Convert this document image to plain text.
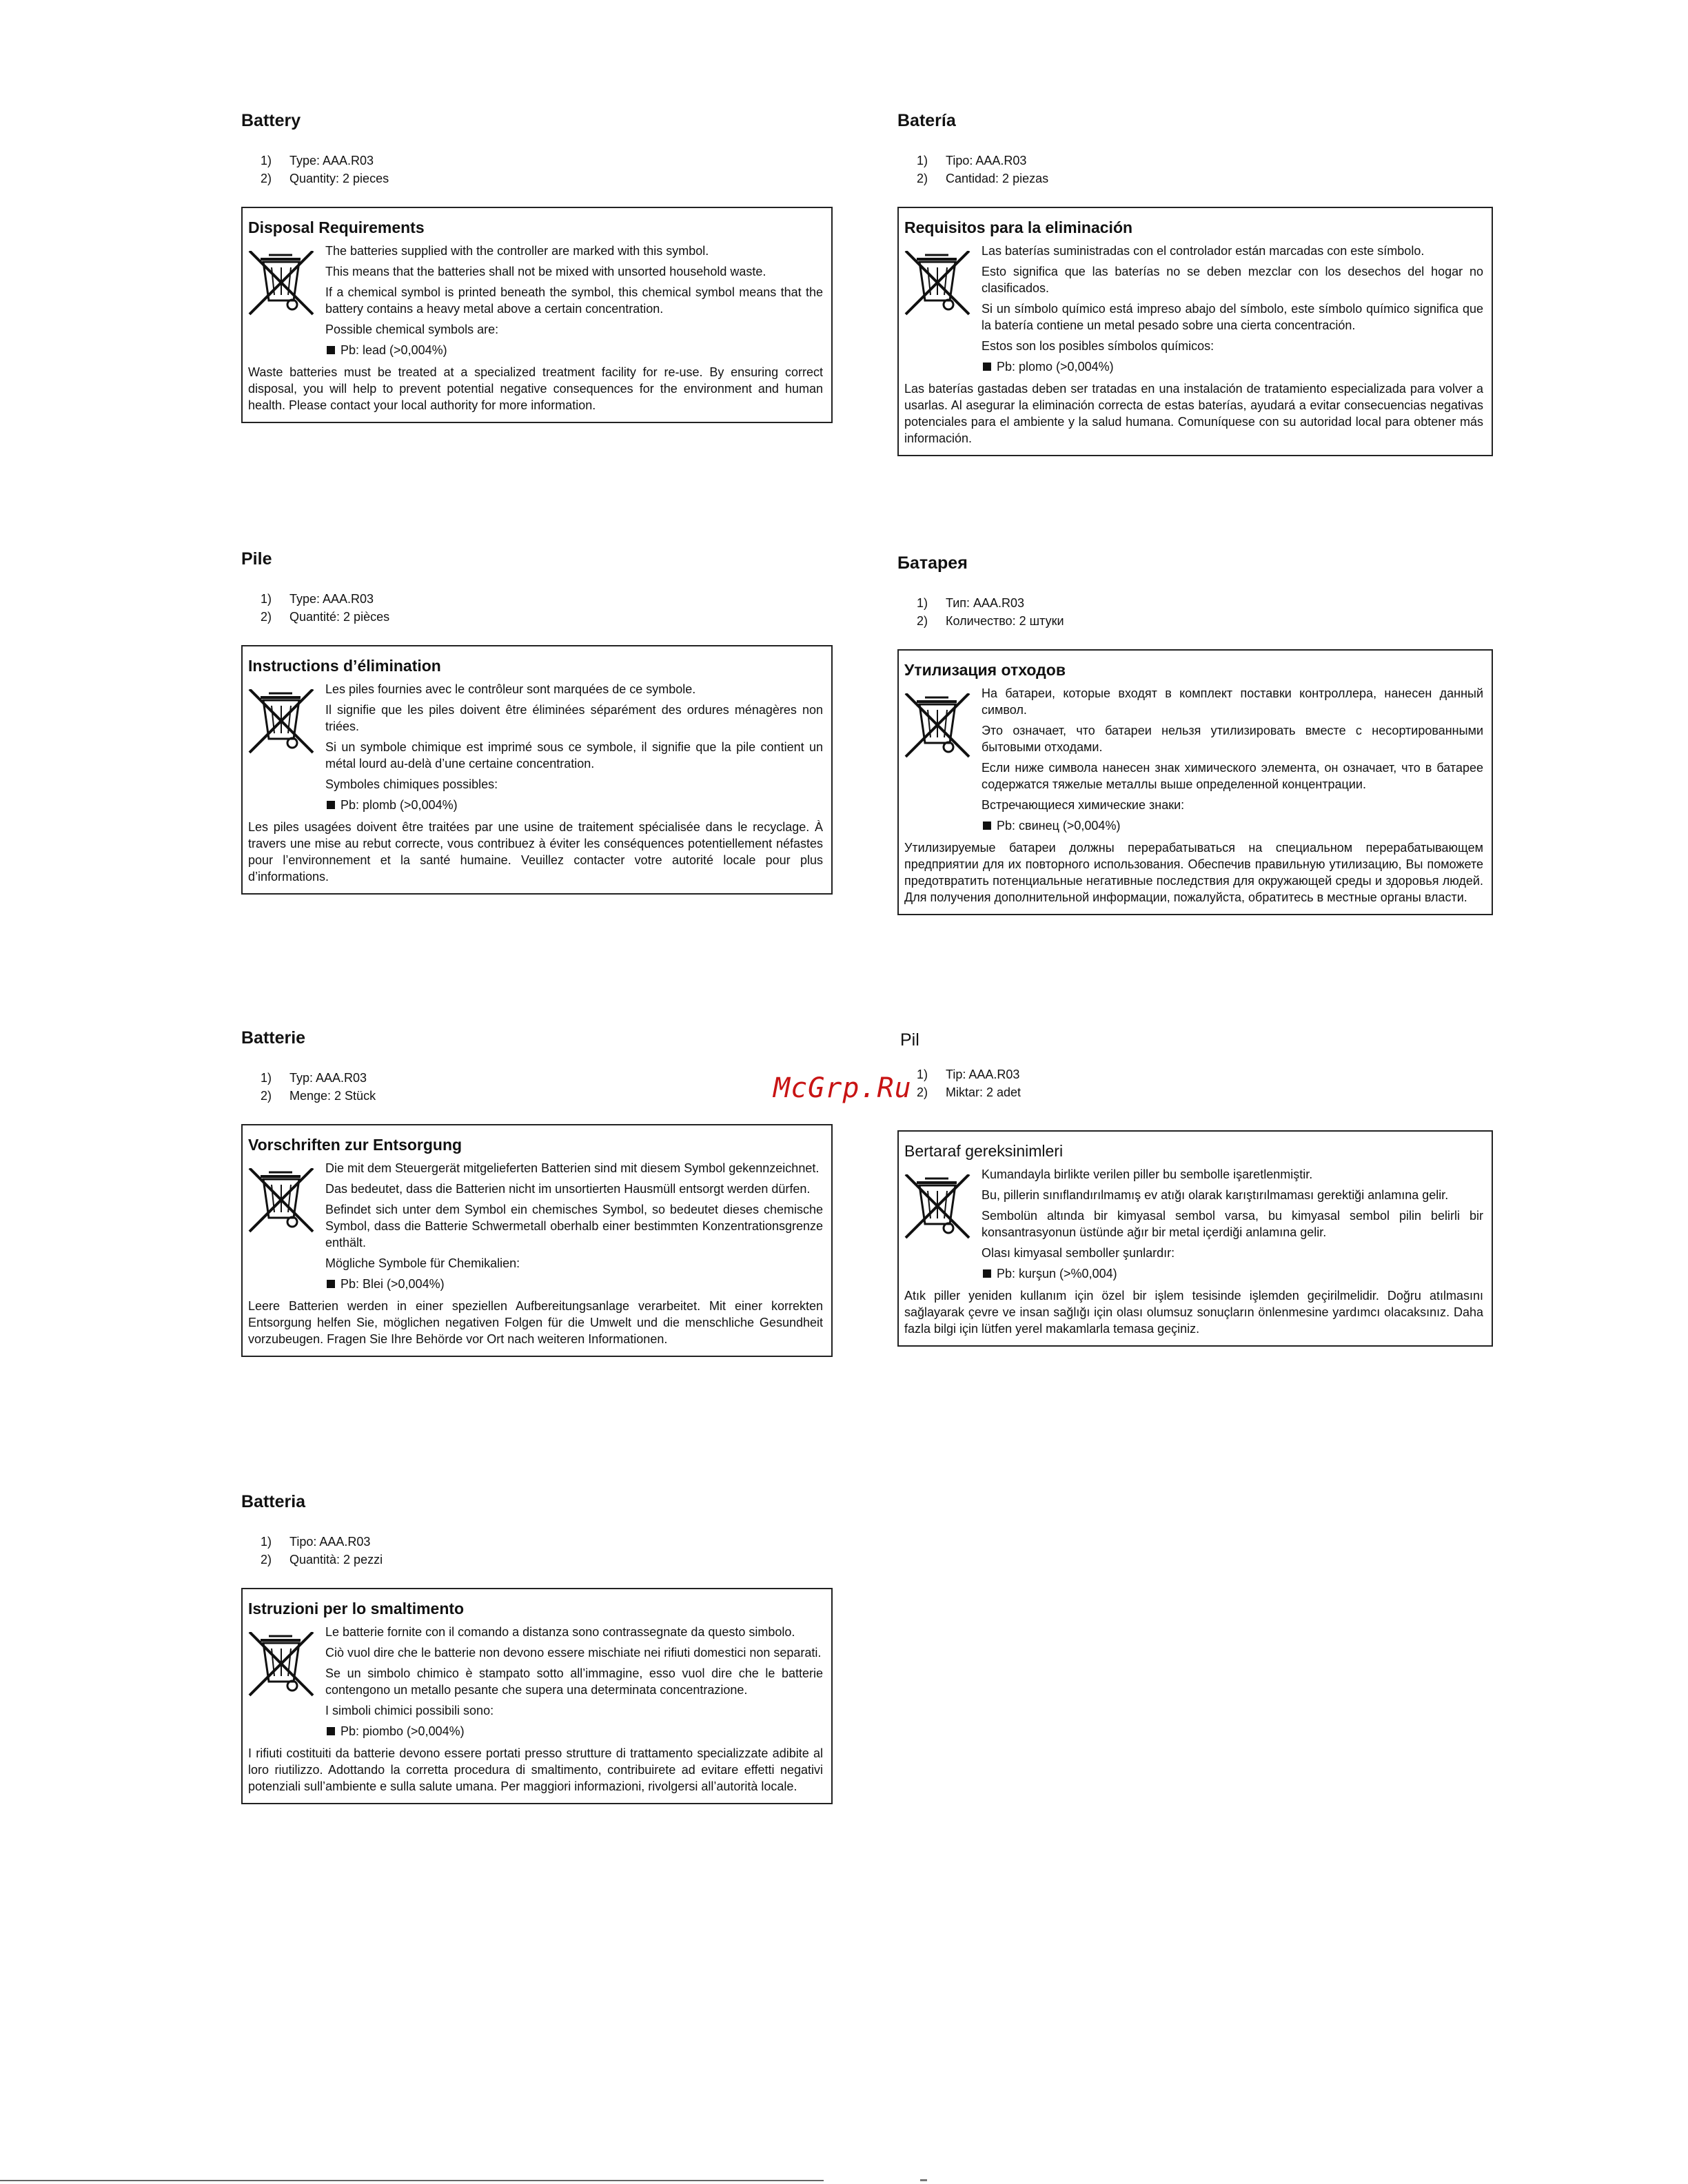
Battery
1)	Type: AAA.R03
2)	Quantity: 2 pieces
Disposal Requirements
The batteries supplied with the controller are marked with this symbol.
This means that the batteries shall not be mixed with unsorted household waste.
If a chemical symbol is printed beneath the symbol, this chemical symbol means that the battery contains a heavy metal above a certain concentration.
Possible chemical symbols are:
Pb: lead (>0,004%)
Waste batteries must be treated at a specialized treatment facility for re-use. By ensuring correct disposal, you will help to prevent potential negative consequences for the environment and human health. Please contact your local authority for more information.
Batería
1)	Tipo: AAA.R03
2)	Cantidad: 2 piezas
Requisitos para la eliminación
Las baterías suministradas con el controlador están marcadas con este símbolo.
Esto significa que las baterías no se deben mezclar con los desechos del hogar no clasificados.
Si un símbolo químico está impreso abajo del símbolo, este símbolo químico significa que la batería contiene un metal pesado sobre una cierta concentración.
Estos son los posibles símbolos químicos:
Pb: plomo (>0,004%)
Las baterías gastadas deben ser tratadas en una instalación de tratamiento especializada para volver a usarlas. Al asegurar la eliminación correcta de estas baterías, ayudará a evitar consecuencias negativas potenciales para el ambiente y la salud humana. Comuníquese con su autoridad local para obtener más información.
Pile
1)	Type: AAA.R03
2)	Quantité: 2 pièces
Instructions d’élimination
Les piles fournies avec le contrôleur sont marquées de ce symbole.
Il signifie que les piles doivent être éliminées séparément des ordures ménagères non triées.
Si un symbole chimique est imprimé sous ce symbole, il signifie que la pile contient un métal lourd au-delà d’une certaine concentration.
Symboles chimiques possibles:
Pb: plomb (>0,004%)
Les piles usagées doivent être traitées par une usine de traitement spécialisée dans le recyclage. À travers une mise au rebut correcte, vous contribuez à éviter les conséquences potentiellement néfastes pour l’environnement et la santé humaine. Veuillez contacter votre autorité locale pour plus d’informations.
Батарея
1)	Тип: AAA.R03
2)	Количество: 2 штуки
Утилизация отходов
На батареи, которые входят в комплект поставки контроллера, нанесен данный символ.
Это означает, что батареи нельзя утилизировать вместе с несортированными бытовыми отходами.
Если ниже символа нанесен знак химического элемента, он означает, что в батарее содержатся тяжелые металлы выше определенной концентрации.
Встречающиеся химические знаки:
Pb: свинец (>0,004%)
Утилизируемые батареи должны перерабатываться на специальном перерабатывающем предприятии для их повторного использования. Обеспечив правильную утилизацию, Вы поможете предотвратить потенциальные негативные последствия для окружающей среды и здоровья людей. Для получения дополнительной информации, пожалуйста, обратитесь в местные органы власти.
Batterie
1)	Typ: AAA.R03
2)	Menge: 2 Stück
Vorschriften zur Entsorgung
Die mit dem Steuergerät mitgelieferten Batterien sind mit diesem Symbol gekennzeichnet.
Das bedeutet, dass die Batterien nicht im unsortierten Hausmüll entsorgt werden dürfen.
Befindet sich unter dem Symbol ein chemisches Symbol, so bedeutet dieses chemische Symbol, dass die Batterie Schwermetall oberhalb einer bestimmten Konzentrationsgrenze enthält.
Mögliche Symbole für Chemikalien:
Pb: Blei (>0,004%)
Leere Batterien werden in einer speziellen Aufbereitungsanlage verarbeitet. Mit einer korrekten Entsorgung helfen Sie, möglichen negativen Folgen für die Umwelt und die menschliche Gesundheit vorzubeugen. Fragen Sie Ihre Behörde vor Ort nach weiteren Informationen.
Pil
1)	Tip: AAA.R03
2)	Miktar: 2 adet
Bertaraf gereksinimleri
Kumandayla birlikte verilen piller bu sembolle işaretlenmiştir.
Bu, pillerin sınıflandırılmamış ev atığı olarak karıştırılmaması gerektiği anlamına gelir.
Sembolün altında bir kimyasal sembol varsa, bu kimyasal sembol pilin belirli bir konsantrasyonun üstünde ağır bir metal içerdiği anlamına gelir.
Olası kimyasal semboller şunlardır:
Pb: kurşun (>%0,004)
Atık piller yeniden kullanım için özel bir işlem tesisinde işlemden geçirilmelidir. Doğru atılmasını sağlayarak çevre ve insan sağlığı için olası olumsuz sonuçların önlenmesine yardımcı olacaksınız. Daha fazla bilgi için lütfen yerel makamlarla temasa geçiniz.
Batteria
1)	Tipo: AAA.R03
2)	Quantità: 2 pezzi
Istruzioni per lo smaltimento
Le batterie fornite con il comando a distanza sono contrassegnate da questo simbolo.
Ciò vuol dire che le batterie non devono essere mischiate nei rifiuti domestici non separati.
Se un simbolo chimico è stampato sotto all’immagine, esso vuol dire che le batterie contengono un metallo pesante che supera una determinata concentrazione.
I simboli chimici possibili sono:
Pb: piombo (>0,004%)
I rifiuti costituiti da batterie devono essere portati presso strutture di trattamento specializzate adibite al loro riutilizzo. Adottando la corretta procedura di smaltimento, contribuirete ad evitare effetti negativi potenziali sull’ambiente e sulla salute umana. Per maggiori informazioni, rivolgersi all’autorità locale.
McGrp.Ru
